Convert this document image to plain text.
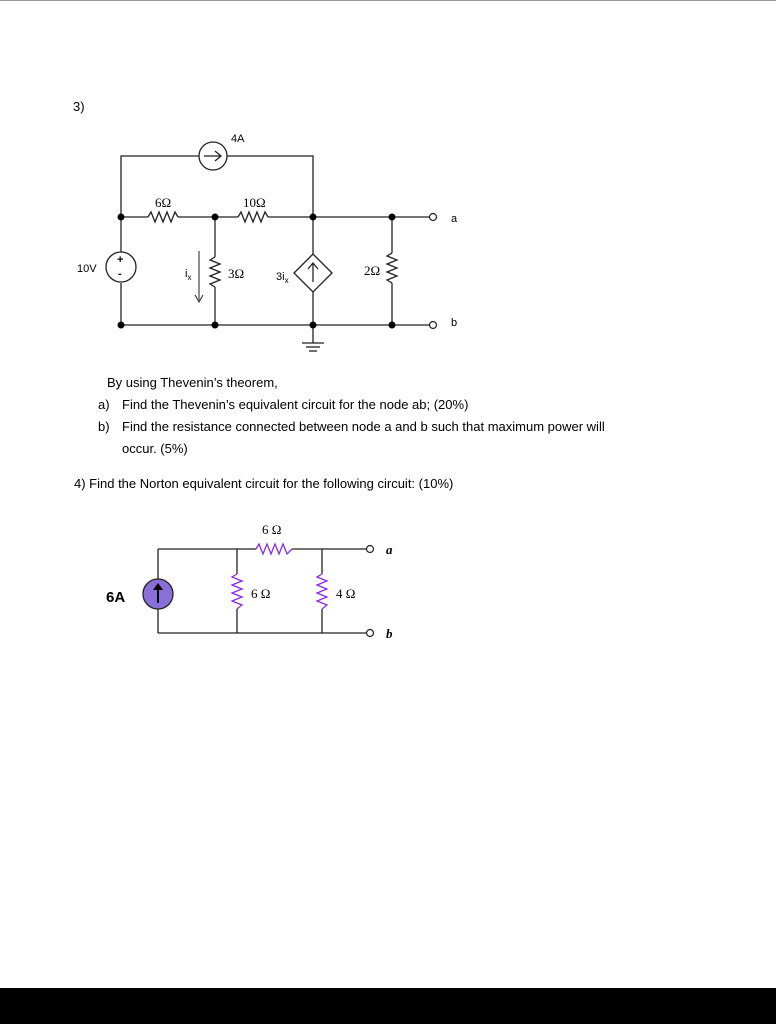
3)
4A
6Ω	10Ω
3Ω	2Ω
10V
+
-	$i_x$	$3i_x$
a
b
By using Thevenin’s theorem,
a) Find the Thevenin’s equivalent circuit for the node ab; (20%)
b) Find the resistance connected between node a and b such that maximum power will
occur. (5%)
4) Find the Norton equivalent circuit for the following circuit: (10%)
6 Ω
6 Ω	4 Ω
6A
a
b
